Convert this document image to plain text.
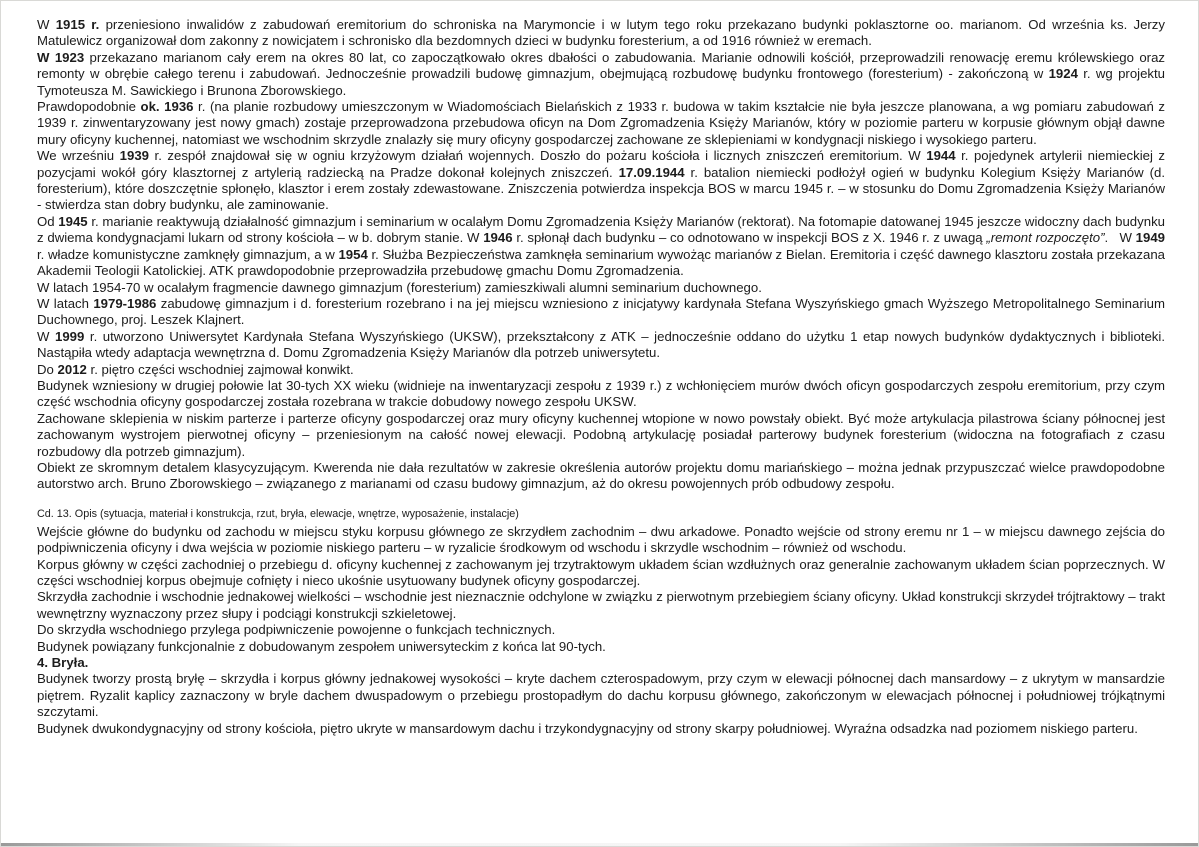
W 1915 r. przeniesiono inwalidów z zabudowań eremitorium do schroniska na Marymoncie i w lutym tego roku przekazano budynki poklasztorne oo. marianom. Od września ks. Jerzy Matulewicz organizował dom zakonny z nowicjatem i schronisko dla bezdomnych dzieci w budynku foresterium, a od 1916 również w eremach.

W 1923 przekazano marianom cały erem na okres 80 lat, co zapoczątkowało okres dbałości o zabudowania. Marianie odnowili kościół, przeprowadzili renowację eremu królewskiego oraz remonty w obrębie całego terenu i zabudowań. Jednocześnie prowadzili budowę gimnazjum, obejmującą rozbudowę budynku frontowego (foresterium) - zakończoną w 1924 r. wg projektu Tymoteusza M. Sawickiego i Brunona Zborowskiego.

Prawdopodobnie ok. 1936 r. (na planie rozbudowy umieszczonym w Wiadomościach Bielańskich z 1933 r. budowa w takim kształcie nie była jeszcze planowana, a wg pomiaru zabudowań z 1939 r. zinwentaryzowany jest nowy gmach) zostaje przeprowadzona przebudowa oficyn na Dom Zgromadzenia Księży Marianów, który w poziomie parteru w korpusie głównym objął dawne mury oficyny kuchennej, natomiast we wschodnim skrzydle znalazły się mury oficyny gospodarczej zachowane ze sklepieniami w kondygnacji niskiego i wysokiego parteru.

We wrześniu 1939 r. zespół znajdował się w ogniu krzyżowym działań wojennych. Doszło do pożaru kościoła i licznych zniszczeń eremitorium. W 1944 r. pojedynek artylerii niemieckiej z pozycjami wokół góry klasztornej z artylerią radziecką na Pradze dokonał kolejnych zniszczeń. 17.09.1944 r. batalion niemiecki podłożył ogień w budynku Kolegium Księży Marianów (d. foresterium), które doszczętnie spłonęło, klasztor i erem zostały zdewastowane. Zniszczenia potwierdza inspekcja BOS w marcu 1945 r. – w stosunku do Domu Zgromadzenia Księży Marianów - stwierdza stan dobry budynku, ale zaminowanie.

Od 1945 r. marianie reaktywują działalność gimnazjum i seminarium w ocalałym Domu Zgromadzenia Księży Marianów (rektorat). Na fotomapie datowanej 1945 jeszcze widoczny dach budynku z dwiema kondygnacjami lukarn od strony kościoła – w b. dobrym stanie. W 1946 r. spłonął dach budynku – co odnotowano w inspekcji BOS z X. 1946 r. z uwagą „remont rozpoczęto”.   W 1949 r. władze komunistyczne zamknęły gimnazjum, a w 1954 r. Służba Bezpieczeństwa zamknęła seminarium wywożąc marianów z Bielan. Eremitoria i część dawnego klasztoru została przekazana Akademii Teologii Katolickiej. ATK prawdopodobnie przeprowadziła przebudowę gmachu Domu Zgromadzenia.

W latach 1954-70 w ocalałym fragmencie dawnego gimnazjum (foresterium) zamieszkiwali alumni seminarium duchownego.

W latach 1979-1986 zabudowę gimnazjum i d. foresterium rozebrano i na jej miejscu wzniesiono z inicjatywy kardynała Stefana Wyszyńskiego gmach Wyższego Metropolitalnego Seminarium Duchownego, proj. Leszek Klajnert.

W 1999 r. utworzono Uniwersytet Kardynała Stefana Wyszyńskiego (UKSW), przekształcony z ATK – jednocześnie oddano do użytku 1 etap nowych budynków dydaktycznych i biblioteki. Nastąpiła wtedy adaptacja wewnętrzna d. Domu Zgromadzenia Księży Marianów dla potrzeb uniwersytetu.

Do 2012 r. piętro części wschodniej zajmował konwikt.

Budynek wzniesiony w drugiej połowie lat 30-tych XX wieku (widnieje na inwentaryzacji zespołu z 1939 r.) z wchłonięciem murów dwóch oficyn gospodarczych zespołu eremitorium, przy czym część wschodnia oficyny gospodarczej została rozebrana w trakcie dobudowy nowego zespołu UKSW.

Zachowane sklepienia w niskim parterze i parterze oficyny gospodarczej oraz mury oficyny kuchennej wtopione w nowo powstały obiekt. Być może artykulacja pilastrowa ściany północnej jest zachowanym wystrojem pierwotnej oficyny – przeniesionym na całość nowej elewacji. Podobną artykulację posiadał parterowy budynek foresterium (widoczna na fotografiach z czasu rozbudowy dla potrzeb gimnazjum).

Obiekt ze skromnym detalem klasycyzującym. Kwerenda nie dała rezultatów w zakresie określenia autorów projektu domu mariańskiego – można jednak przypuszczać wielce prawdopodobne autorstwo arch. Bruno Zborowskiego – związanego z marianami od czasu budowy gimnazjum, aż do okresu powojennych prób odbudowy zespołu.

Cd. 13. Opis (sytuacja, materiał i konstrukcja, rzut, bryła, elewacje, wnętrze, wyposażenie, instalacje)

Wejście główne do budynku od zachodu w miejscu styku korpusu głównego ze skrzydłem zachodnim – dwu arkadowe. Ponadto wejście od strony eremu nr 1 – w miejscu dawnego zejścia do podpiwniczenia oficyny i dwa wejścia w poziomie niskiego parteru – w ryzalicie środkowym od wschodu i skrzydle wschodnim – również od wschodu.

Korpus główny w części zachodniej o przebiegu d. oficyny kuchennej z zachowanym jej trzytraktowym układem ścian wzdłużnych oraz generalnie zachowanym układem ścian poprzecznych. W części wschodniej korpus obejmuje cofnięty i nieco ukośnie usytuowany budynek oficyny gospodarczej.

Skrzydła zachodnie i wschodnie jednakowej wielkości – wschodnie jest nieznacznie odchylone w związku z pierwotnym przebiegiem ściany oficyny. Układ konstrukcji skrzydeł trójtraktowy – trakt wewnętrzny wyznaczony przez słupy i podciągi konstrukcji szkieletowej.

Do skrzydła wschodniego przylega podpiwniczenie powojenne o funkcjach technicznych.

Budynek powiązany funkcjonalnie z dobudowanym zespołem uniwersyteckim z końca lat 90-tych.

4. Bryła.

Budynek tworzy prostą bryłę – skrzydła i korpus główny jednakowej wysokości – kryte dachem czterospadowym, przy czym w elewacji północnej dach mansardowy – z ukrytym w mansardzie piętrem. Ryzalit kaplicy zaznaczony w bryle dachem dwuspadowym o przebiegu prostopadłym do dachu korpusu głównego, zakończonym w elewacjach północnej i południowej trójkątnymi szczytami.

Budynek dwukondygnacyjny od strony kościoła, piętro ukryte w mansardowym dachu i trzykondygnacyjny od strony skarpy południowej. Wyraźna odsadzka nad poziomem niskiego parteru.
